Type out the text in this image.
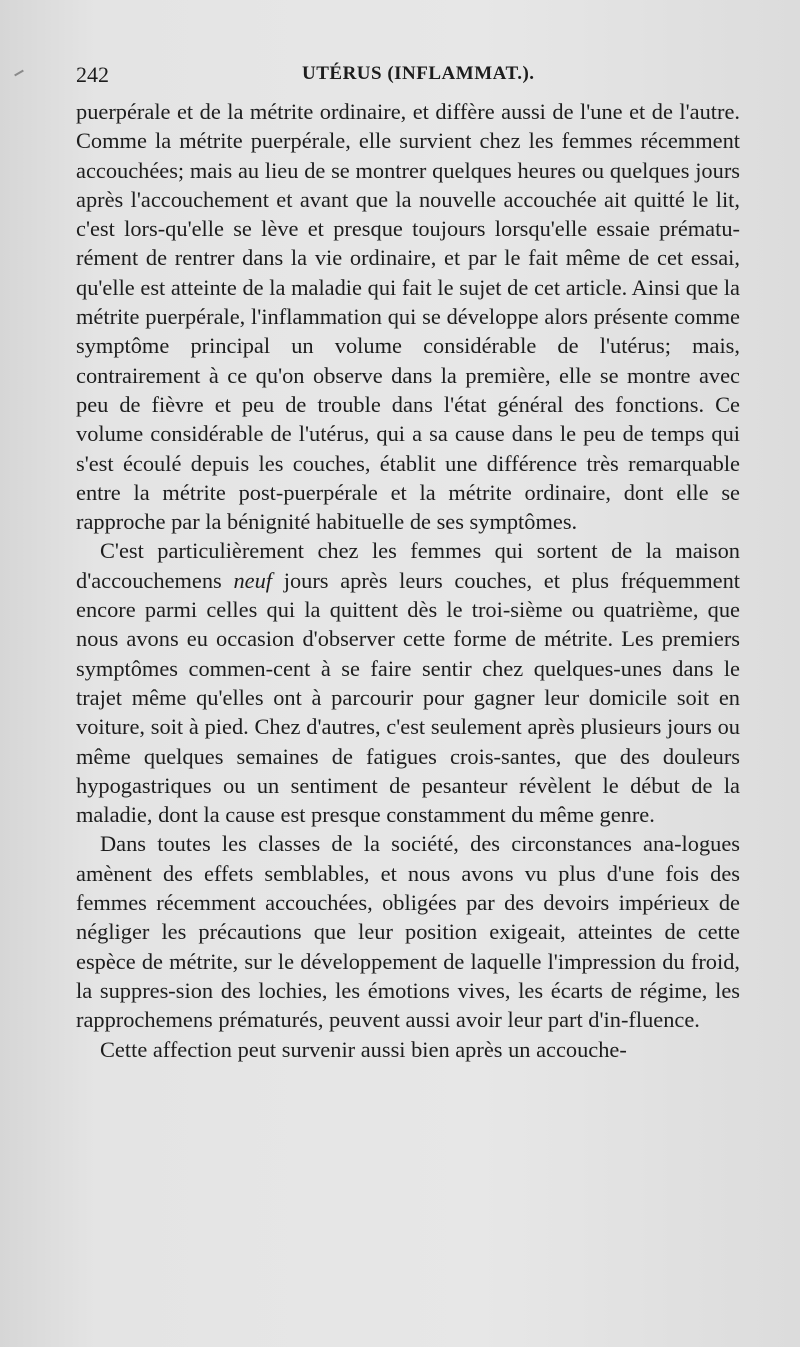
242	UTÉRUS (INFLAMMAT.).

puerpérale et de la métrite ordinaire, et diffère aussi de l'une et de l'autre. Comme la métrite puerpérale, elle survient chez les femmes récemment accouchées; mais au lieu de se montrer quelques heures ou quelques jours après l'accouchement et avant que la nouvelle accouchée ait quitté le lit, c'est lors-qu'elle se lève et presque toujours lorsqu'elle essaie prématu-rément de rentrer dans la vie ordinaire, et par le fait même de cet essai, qu'elle est atteinte de la maladie qui fait le sujet de cet article. Ainsi que la métrite puerpérale, l'inflammation qui se développe alors présente comme symptôme principal un volume considérable de l'utérus; mais, contrairement à ce qu'on observe dans la première, elle se montre avec peu de fièvre et peu de trouble dans l'état général des fonctions. Ce volume considérable de l'utérus, qui a sa cause dans le peu de temps qui s'est écoulé depuis les couches, établit une différence très remarquable entre la métrite post-puerpérale et la métrite ordinaire, dont elle se rapproche par la bénignité habituelle de ses symptômes.

C'est particulièrement chez les femmes qui sortent de la maison d'accouchemens neuf jours après leurs couches, et plus fréquemment encore parmi celles qui la quittent dès le troi-sième ou quatrième, que nous avons eu occasion d'observer cette forme de métrite. Les premiers symptômes commen-cent à se faire sentir chez quelques-unes dans le trajet même qu'elles ont à parcourir pour gagner leur domicile soit en voiture, soit à pied. Chez d'autres, c'est seulement après plusieurs jours ou même quelques semaines de fatigues crois-santes, que des douleurs hypogastriques ou un sentiment de pesanteur révèlent le début de la maladie, dont la cause est presque constamment du même genre.

Dans toutes les classes de la société, des circonstances ana-logues amènent des effets semblables, et nous avons vu plus d'une fois des femmes récemment accouchées, obligées par des devoirs impérieux de négliger les précautions que leur position exigeait, atteintes de cette espèce de métrite, sur le développement de laquelle l'impression du froid, la suppres-sion des lochies, les émotions vives, les écarts de régime, les rapprochemens prématurés, peuvent aussi avoir leur part d'in-fluence.

Cette affection peut survenir aussi bien après un accouche-
